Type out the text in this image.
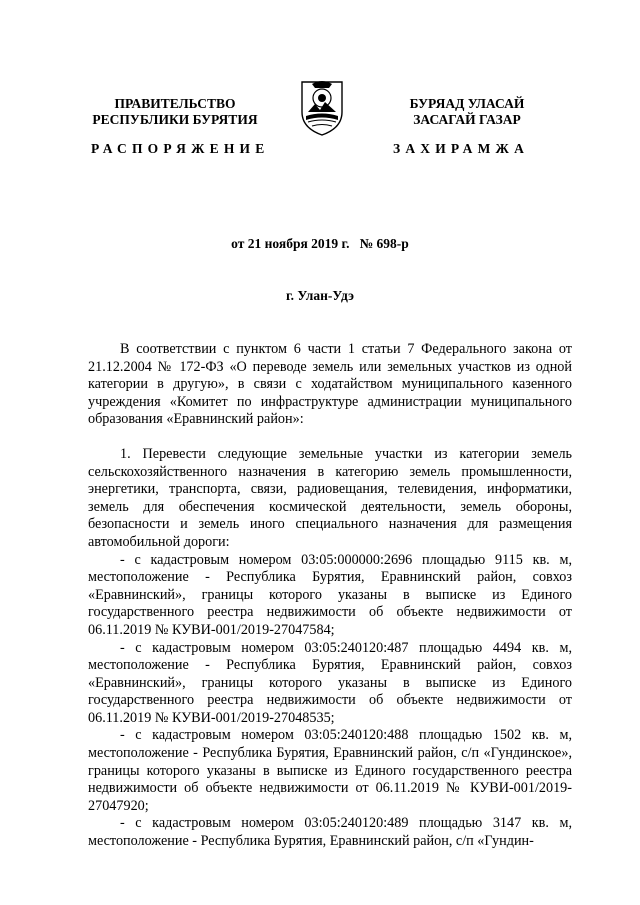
ПРАВИТЕЛЬСТВО
РЕСПУБЛИКИ БУРЯТИЯ
БУРЯАД УЛАСАЙ
ЗАСАГАЙ ГАЗАР
РАСПОРЯЖЕНИЕ	ЗАХИРАМЖА
от 21 ноября 2019 г.   № 698-р
г. Улан-Удэ

В соответствии с пунктом 6 части 1 статьи 7 Федерального закона от 21.12.2004 № 172-ФЗ «О переводе земель или земельных участков из одной категории в другую», в связи с ходатайством муниципального казенного учреждения «Комитет по инфраструктуре администрации муниципального образования «Еравнинский район»:

1. Перевести следующие земельные участки из категории земель сельскохозяйственного назначения в категорию земель промышленности, энергетики, транспорта, связи, радиовещания, телевидения, информатики, земель для обеспечения космической деятельности, земель обороны, безопасности и земель иного специального назначения для размещения автомобильной дороги:

- с кадастровым номером 03:05:000000:2696 площадью 9115 кв. м, местоположение - Республика Бурятия, Еравнинский район, совхоз «Еравнинский», границы которого указаны в выписке из Единого государственного реестра недвижимости об объекте недвижимости от 06.11.2019 № КУВИ-001/2019-27047584;

- с кадастровым номером 03:05:240120:487 площадью 4494 кв. м, местоположение - Республика Бурятия, Еравнинский район, совхоз «Еравнинский», границы которого указаны в выписке из Единого государственного реестра недвижимости об объекте недвижимости от 06.11.2019 № КУВИ-001/2019-27048535;

- с кадастровым номером 03:05:240120:488 площадью 1502 кв. м, местоположение - Республика Бурятия, Еравнинский район, с/п «Гундинское», границы которого указаны в выписке из Единого государственного реестра недвижимости об объекте недвижимости от 06.11.2019 № КУВИ-001/2019-27047920;

- с кадастровым номером 03:05:240120:489 площадью 3147 кв. м, местоположение - Республика Бурятия, Еравнинский район, с/п «Гундин-
